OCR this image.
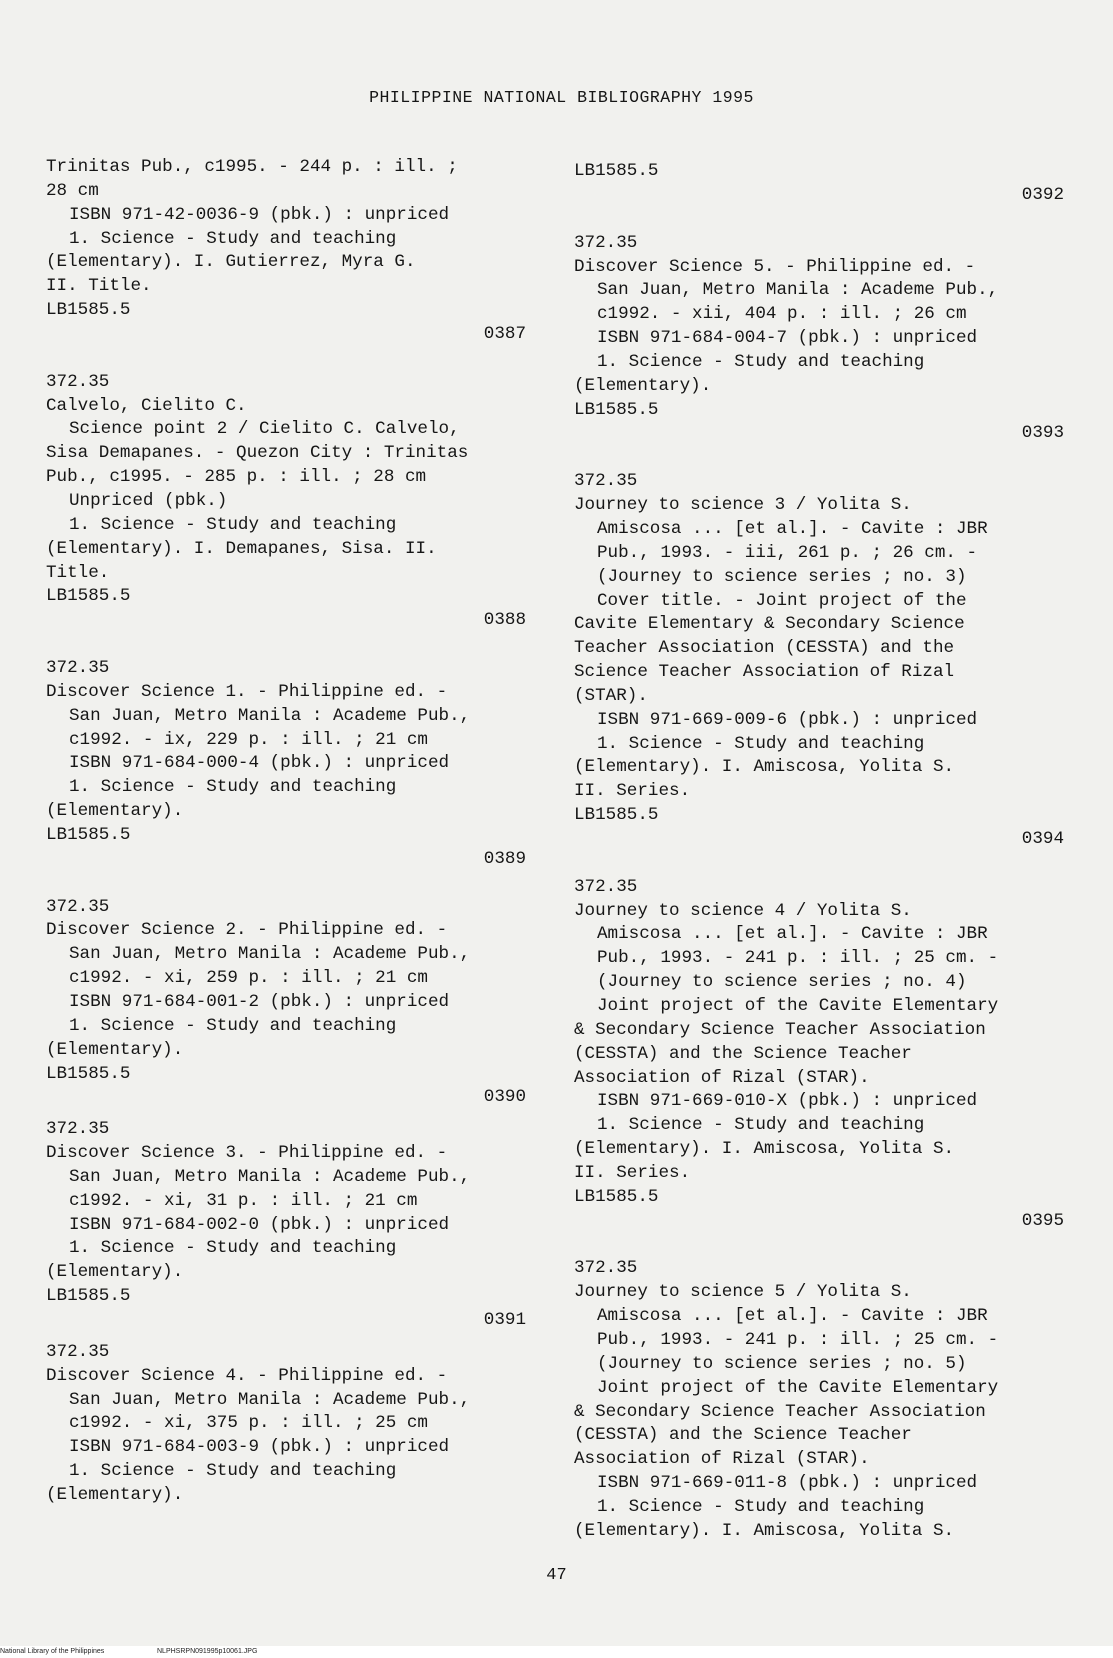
PHILIPPINE NATIONAL BIBLIOGRAPHY 1995
Trinitas Pub., c1995. - 244 p. : ill. ;
28 cm
ISBN 971-42-0036-9 (pbk.) : unpriced
1. Science - Study and teaching
(Elementary). I. Gutierrez, Myra G.
II. Title.
LB1585.5
0387
372.35
Calvelo, Cielito C.
Science point 2 / Cielito C. Calvelo,
Sisa Demapanes. - Quezon City : Trinitas
Pub., c1995. - 285 p. : ill. ; 28 cm
Unpriced (pbk.)
1. Science - Study and teaching
(Elementary). I. Demapanes, Sisa. II.
Title.
LB1585.5
0388
372.35
Discover Science 1. - Philippine ed. -
San Juan, Metro Manila : Academe Pub.,
c1992. - ix, 229 p. : ill. ; 21 cm
ISBN 971-684-000-4 (pbk.) : unpriced
1. Science - Study and teaching
(Elementary).
LB1585.5
0389
372.35
Discover Science 2. - Philippine ed. -
San Juan, Metro Manila : Academe Pub.,
c1992. - xi, 259 p. : ill. ; 21 cm
ISBN 971-684-001-2 (pbk.) : unpriced
1. Science - Study and teaching
(Elementary).
LB1585.5
0390
372.35
Discover Science 3. - Philippine ed. -
San Juan, Metro Manila : Academe Pub.,
c1992. - xi, 31 p. : ill. ; 21 cm
ISBN 971-684-002-0 (pbk.) : unpriced
1. Science - Study and teaching
(Elementary).
LB1585.5
0391
372.35
Discover Science 4. - Philippine ed. -
San Juan, Metro Manila : Academe Pub.,
c1992. - xi, 375 p. : ill. ; 25 cm
ISBN 971-684-003-9 (pbk.) : unpriced
1. Science - Study and teaching
(Elementary).
LB1585.5
0392
372.35
Discover Science 5. - Philippine ed. -
San Juan, Metro Manila : Academe Pub.,
c1992. - xii, 404 p. : ill. ; 26 cm
ISBN 971-684-004-7 (pbk.) : unpriced
1. Science - Study and teaching
(Elementary).
LB1585.5
0393
372.35
Journey to science 3 / Yolita S.
Amiscosa ... [et al.]. - Cavite : JBR
Pub., 1993. - iii, 261 p. ; 26 cm. -
(Journey to science series ; no. 3)
Cover title. - Joint project of the
Cavite Elementary & Secondary Science
Teacher Association (CESSTA) and the
Science Teacher Association of Rizal
(STAR).
ISBN 971-669-009-6 (pbk.) : unpriced
1. Science - Study and teaching
(Elementary). I. Amiscosa, Yolita S.
II. Series.
LB1585.5
0394
372.35
Journey to science 4 / Yolita S.
Amiscosa ... [et al.]. - Cavite : JBR
Pub., 1993. - 241 p. : ill. ; 25 cm. -
(Journey to science series ; no. 4)
Joint project of the Cavite Elementary
& Secondary Science Teacher Association
(CESSTA) and the Science Teacher
Association of Rizal (STAR).
ISBN 971-669-010-X (pbk.) : unpriced
1. Science - Study and teaching
(Elementary). I. Amiscosa, Yolita S.
II. Series.
LB1585.5
0395
372.35
Journey to science 5 / Yolita S.
Amiscosa ... [et al.]. - Cavite : JBR
Pub., 1993. - 241 p. : ill. ; 25 cm. -
(Journey to science series ; no. 5)
Joint project of the Cavite Elementary
& Secondary Science Teacher Association
(CESSTA) and the Science Teacher
Association of Rizal (STAR).
ISBN 971-669-011-8 (pbk.) : unpriced
1. Science - Study and teaching
(Elementary). I. Amiscosa, Yolita S.
47
National Library of the Philippines	NLPHSRPN091995p10061.JPG
